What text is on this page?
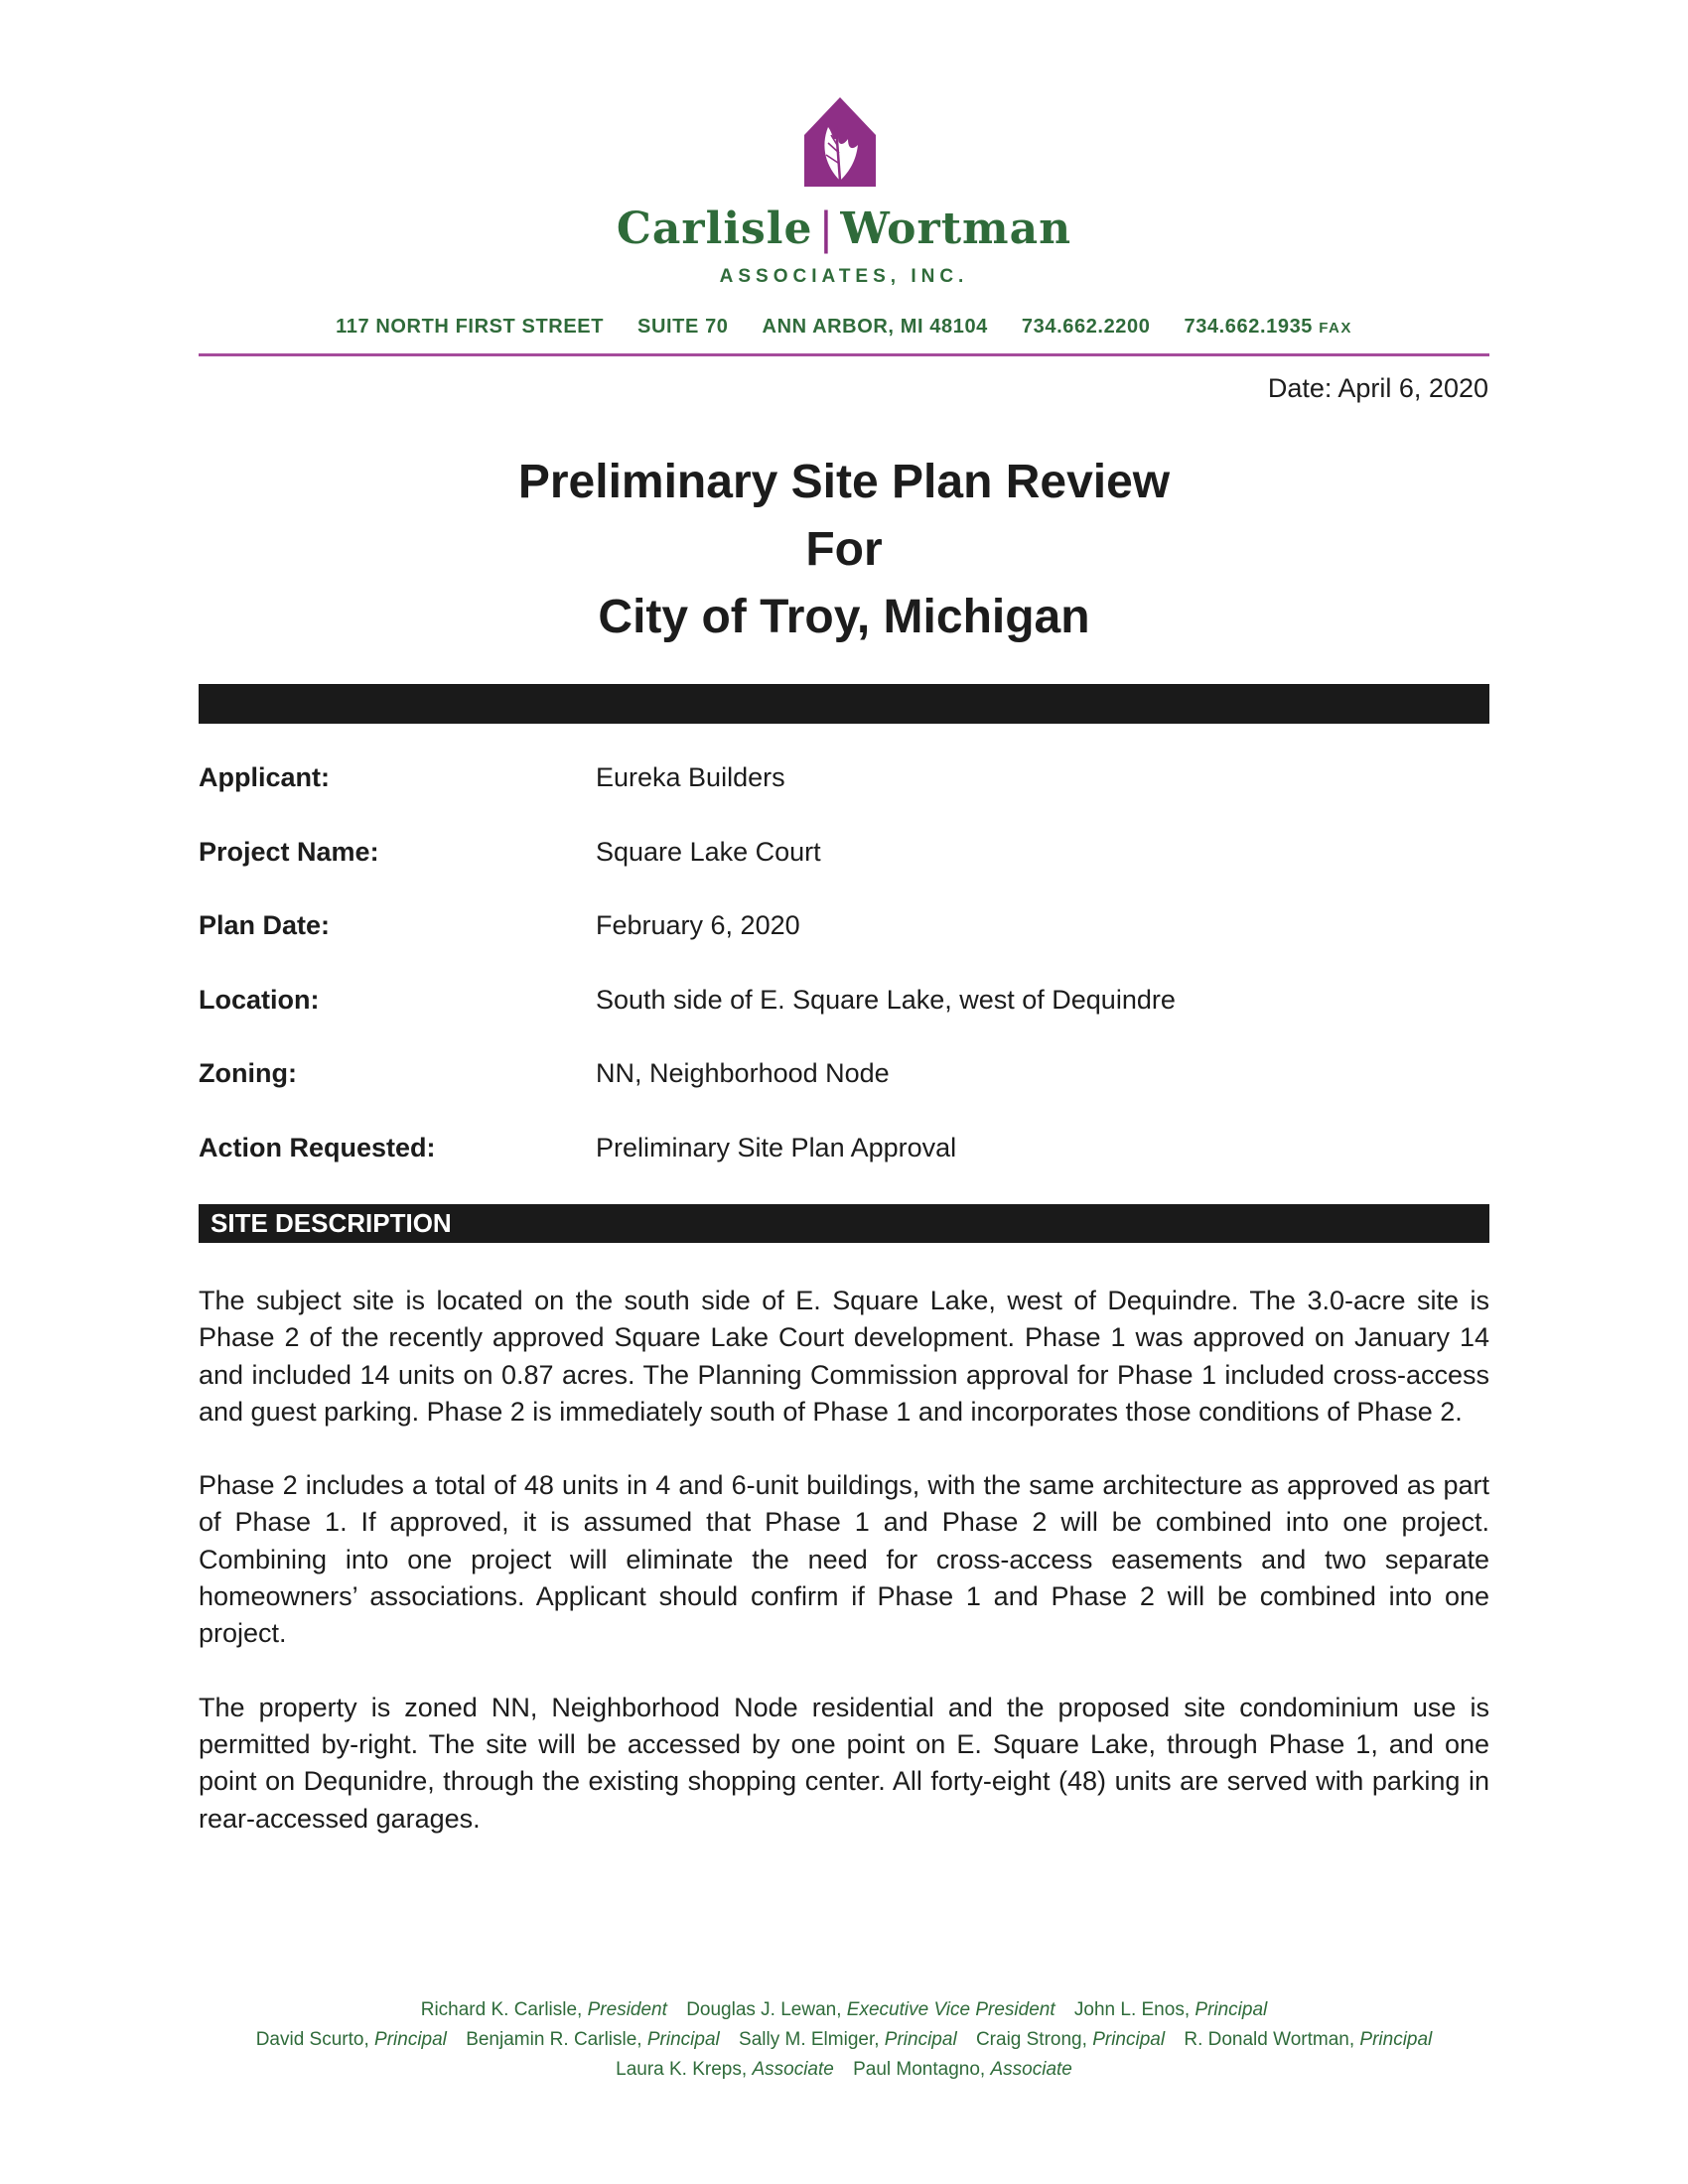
Carlisle | Wortman
ASSOCIATES, INC.
117 NORTH FIRST STREET SUITE 70 ANN ARBOR, MI 48104 734.662.2200 734.662.1935 FAX
Date: April 6, 2020
Preliminary Site Plan Review
For
City of Troy, Michigan
Applicant:	Eureka Builders
Project Name:	Square Lake Court
Plan Date:	February 6, 2020
Location:	South side of E. Square Lake, west of Dequindre
Zoning:	NN, Neighborhood Node
Action Requested:	Preliminary Site Plan Approval
SITE DESCRIPTION

The subject site is located on the south side of E. Square Lake, west of Dequindre. The 3.0-acre site is Phase 2 of the recently approved Square Lake Court development. Phase 1 was approved on January 14 and included 14 units on 0.87 acres. The Planning Commission approval for Phase 1 included cross-access and guest parking. Phase 2 is immediately south of Phase 1 and incorporates those conditions of Phase 2.

Phase 2 includes a total of 48 units in 4 and 6-unit buildings, with the same architecture as approved as part of Phase 1. If approved, it is assumed that Phase 1 and Phase 2 will be combined into one project. Combining into one project will eliminate the need for cross-access easements and two separate homeowners’ associations. Applicant should confirm if Phase 1 and Phase 2 will be combined into one project.

The property is zoned NN, Neighborhood Node residential and the proposed site condominium use is permitted by-right. The site will be accessed by one point on E. Square Lake, through Phase 1, and one point on Dequnidre, through the existing shopping center. All forty-eight (48) units are served with parking in rear-accessed garages.

Richard K. Carlisle, President Douglas J. Lewan, Executive Vice President John L. Enos, Principal
David Scurto, Principal Benjamin R. Carlisle, Principal Sally M. Elmiger, Principal Craig Strong, Principal R. Donald Wortman, Principal
Laura K. Kreps, Associate Paul Montagno, Associate
